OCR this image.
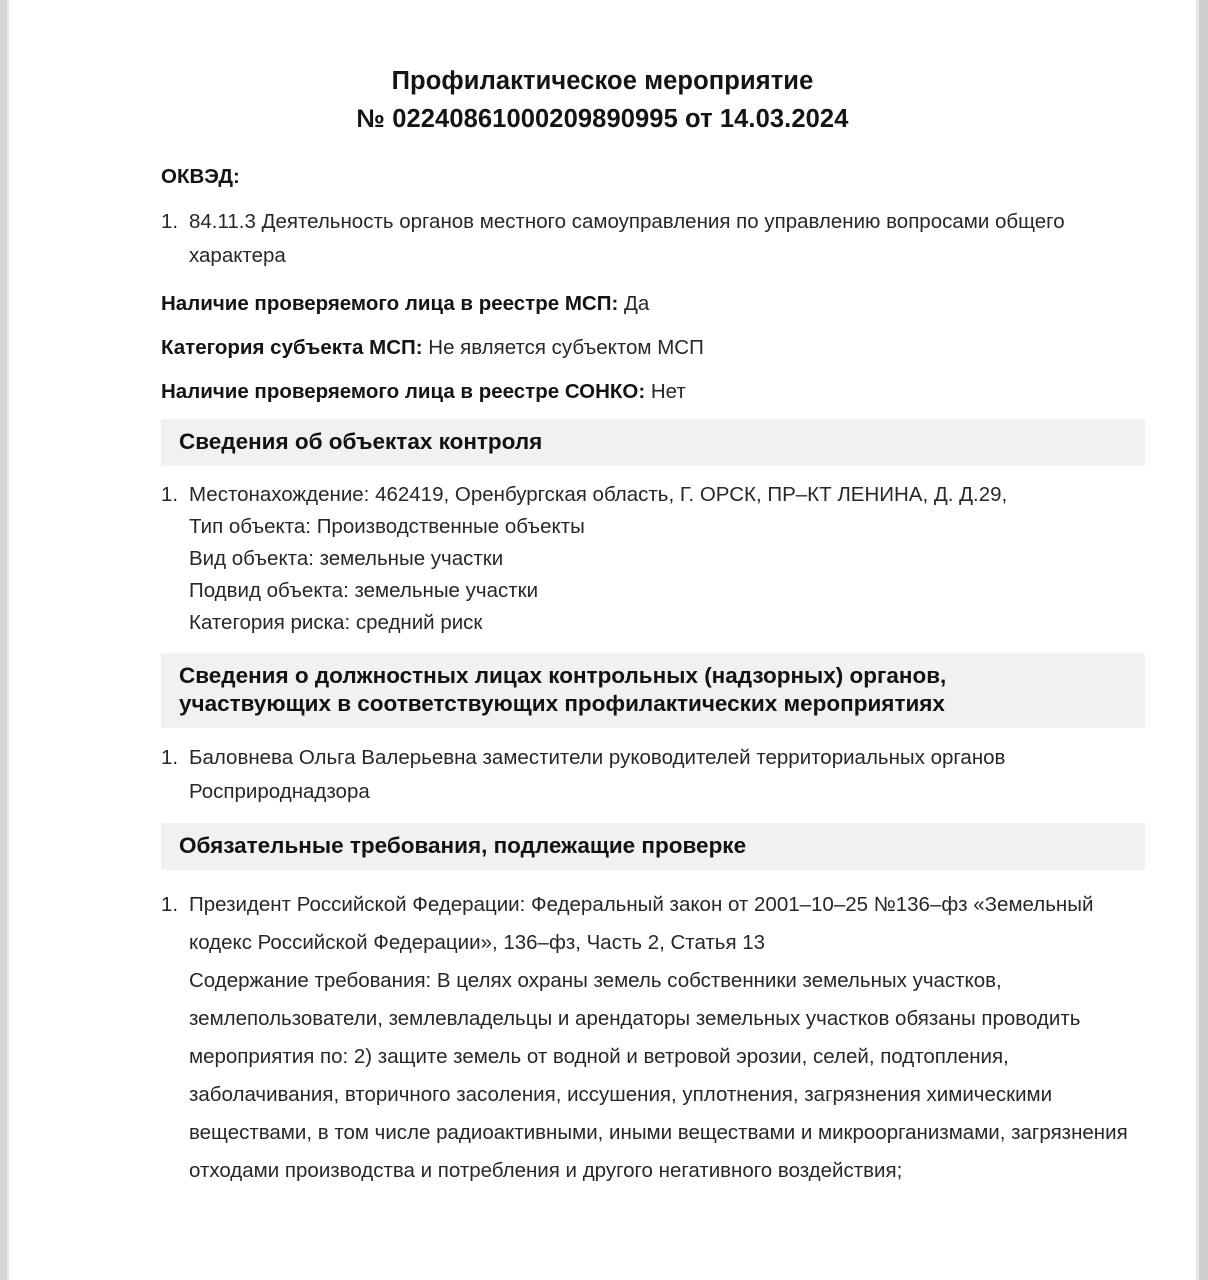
Профилактическое мероприятие
№ 02240861000209890995 от 14.03.2024
ОКВЭД:
1. 84.11.3 Деятельность органов местного самоуправления по управлению вопросами общего характера
Наличие проверяемого лица в реестре МСП: Да
Категория субъекта МСП: Не является субъектом МСП
Наличие проверяемого лица в реестре СОНКО: Нет
Сведения об объектах контроля
1. Местонахождение: 462419, Оренбургская область, Г. ОРСК, ПР–КТ ЛЕНИНА, Д. Д.29,
Тип объекта: Производственные объекты
Вид объекта: земельные участки
Подвид объекта: земельные участки
Категория риска: средний риск
Сведения о должностных лицах контрольных (надзорных) органов,
участвующих в соответствующих профилактических мероприятиях
1. Баловнева Ольга Валерьевна заместители руководителей территориальных органов Росприроднадзора
Обязательные требования, подлежащие проверке
1. Президент Российской Федерации: Федеральный закон от 2001–10–25 №136–фз «Земельный кодекс Российской Федерации», 136–фз, Часть 2, Статья 13
Содержание требования: В целях охраны земель собственники земельных участков, землепользователи, землевладельцы и арендаторы земельных участков обязаны проводить мероприятия по: 2) защите земель от водной и ветровой эрозии, селей, подтопления, заболачивания, вторичного засоления, иссушения, уплотнения, загрязнения химическими веществами, в том числе радиоактивными, иными веществами и микроорганизмами, загрязнения отходами производства и потребления и другого негативного воздействия;
